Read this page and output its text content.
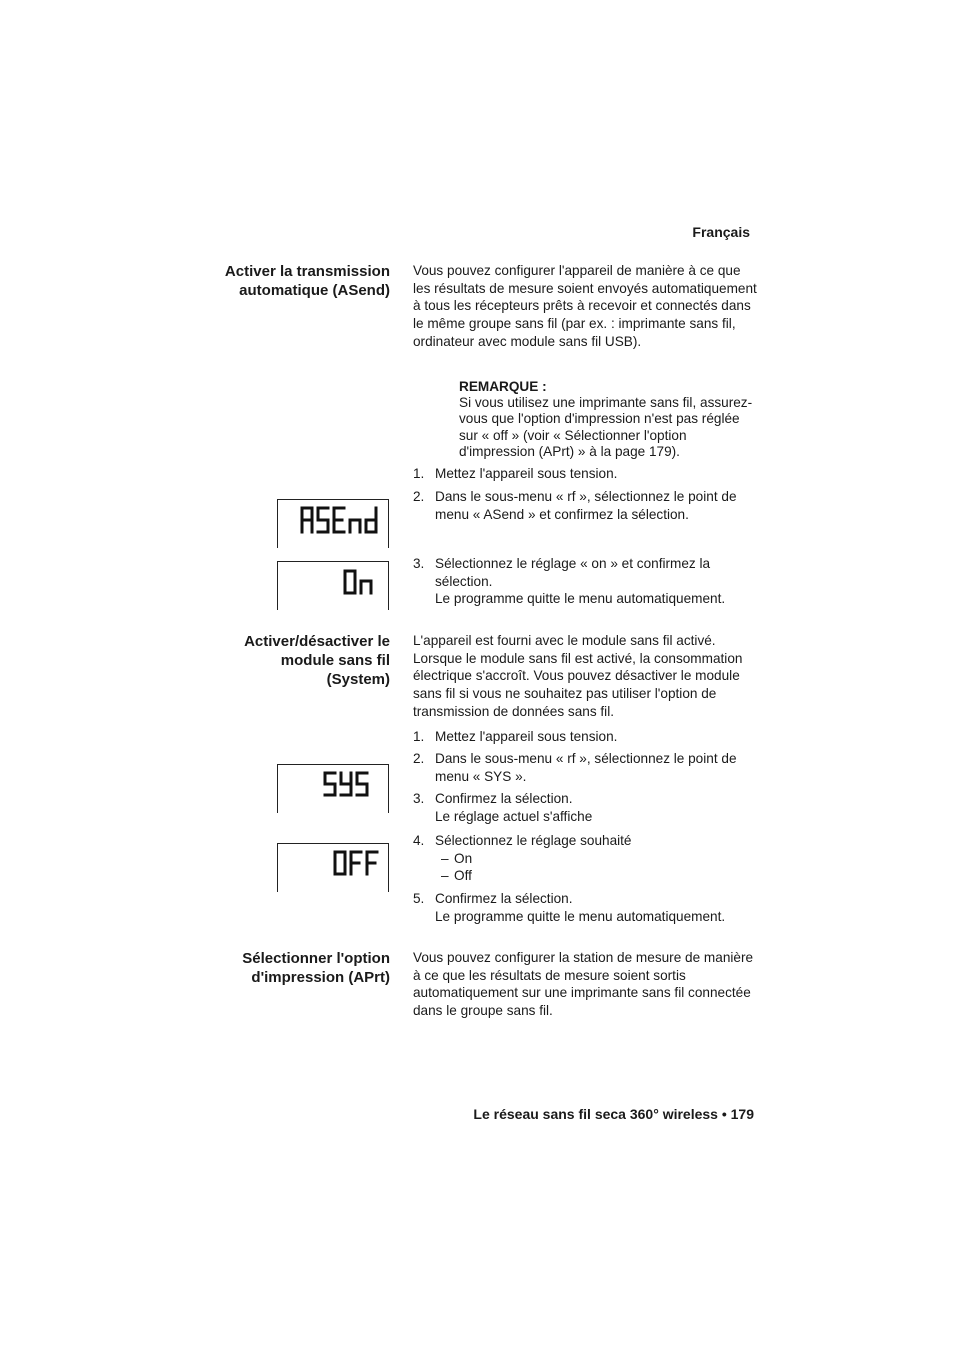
Français
Activer la transmission
automatique (ASend)
Vous pouvez configurer l'appareil de manière à ce que les résultats de mesure soient envoyés automatiquement à tous les récepteurs prêts à recevoir et connectés dans le même groupe sans fil (par ex. : imprimante sans fil, ordinateur avec module sans fil USB).
REMARQUE :
Si vous utilisez une imprimante sans fil, assurez-vous que l'option d'impression n'est pas réglée sur « off » (voir « Sélectionner l'option d'impression (APrt) » à la page 179).
1. Mettez l'appareil sous tension.
2. Dans le sous-menu « rf », sélectionnez le point de menu « ASend » et confirmez la sélection.
3. Sélectionnez le réglage « on » et confirmez la sélection.
Le programme quitte le menu automatiquement.
Activer/désactiver le
module sans fil
(System)
L'appareil est fourni avec le module sans fil activé. Lorsque le module sans fil est activé, la consommation électrique s'accroît. Vous pouvez désactiver le module sans fil si vous ne souhaitez pas utiliser l'option de transmission de données sans fil.
1. Mettez l'appareil sous tension.
2. Dans le sous-menu « rf », sélectionnez le point de menu « SYS ».
3. Confirmez la sélection.
Le réglage actuel s'affiche
4. Sélectionnez le réglage souhaité
– On
– Off
5. Confirmez la sélection.
Le programme quitte le menu automatiquement.
Sélectionner l'option
d'impression (APrt)
Vous pouvez configurer la station de mesure de manière à ce que les résultats de mesure soient sortis automatiquement sur une imprimante sans fil connectée dans le groupe sans fil.
Le réseau sans fil seca 360° wireless • 179
